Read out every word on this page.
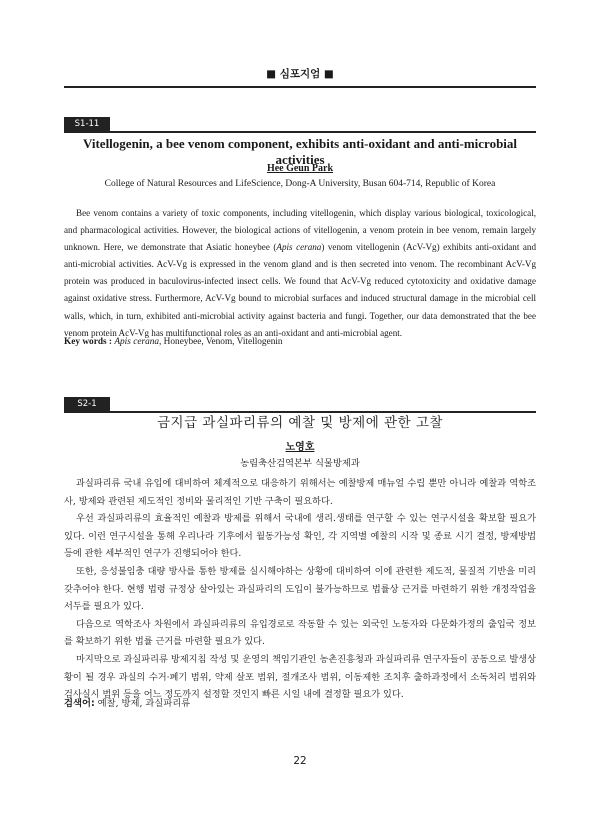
■ 심포지엄 ■
S1-11
Vitellogenin, a bee venom component, exhibits anti-oxidant and anti-microbial activities
Hee Geun Park
College of Natural Resources and LifeScience, Dong-A University, Busan 604-714, Republic of Korea

Bee venom contains a variety of toxic components, including vitellogenin, which display various biological, toxicological, and pharmacological activities. However, the biological actions of vitellogenin, a venom protein in bee venom, remain largely unknown. Here, we demonstrate that Asiatic honeybee (Apis cerana) venom vitellogenin (AcV-Vg) exhibits anti-oxidant and anti-microbial activities. AcV-Vg is expressed in the venom gland and is then secreted into venom. The recombinant AcV-Vg protein was produced in baculovirus-infected insect cells. We found that AcV-Vg reduced cytotoxicity and oxidative damage against oxidative stress. Furthermore, AcV-Vg bound to microbial surfaces and induced structural damage in the microbial cell walls, which, in turn, exhibited anti-microbial activity against bacteria and fungi. Together, our data demonstrated that the bee venom protein AcV-Vg has multifunctional roles as an anti-oxidant and anti-microbial agent.

Key words : Apis cerana, Honeybee, Venom, Vitellogenin
S2-1
금지급 과실파리류의 예찰 및 방제에 관한 고찰
노영호
농림축산검역본부 식물방제과

과실파리류 국내 유입에 대비하여 체계적으로 대응하기 위해서는 예찰방제 매뉴얼 수립 뿐만 아니라 예찰과 역학조사, 방제와 관련된 제도적인 정비와 물리적인 기반 구축이 필요하다.

우선 과실파리류의 효율적인 예찰과 방제를 위해서 국내에 생리.생태를 연구할 수 있는 연구시설을 확보할 필요가 있다. 이런 연구시설을 통해 우리나라 기후에서 월동가능성 확인, 각 지역별 예찰의 시작 및 종료 시기 결정, 방제방법 등에 관한 세부적인 연구가 진행되어야 한다.

또한, 응성불임충 대량 방사를 통한 방제를 실시해야하는 상황에 대비하여 이에 관련한 제도적, 물질적 기반을 미리 갖추어야 한다. 현행 법령 규정상 살아있는 과실파리의 도입이 불가능하므로 법률상 근거를 마련하기 위한 개정작업을 서두를 필요가 있다.

다음으로 역학조사 차원에서 과실파리류의 유입경로로 작동할 수 있는 외국인 노동자와 다문화가정의 출입국 정보를 확보하기 위한 법률 근거를 마련할 필요가 있다.

마지막으로 과실파리류 방제지침 작성 및 운영의 책임기관인 농촌진흥청과 과실파리류 연구자들이 공동으로 발생상황이 될 경우 과실의 수거·폐기 범위, 약제 살포 범위, 절개조사 범위, 이동제한 조치후 출하과정에서 소독처리 범위와 검사실시 범위 등을 어느 정도까지 설정할 것인지 빠른 시일 내에 결정할 필요가 있다.

검색어: 예찰, 방제, 과실파리류
22
